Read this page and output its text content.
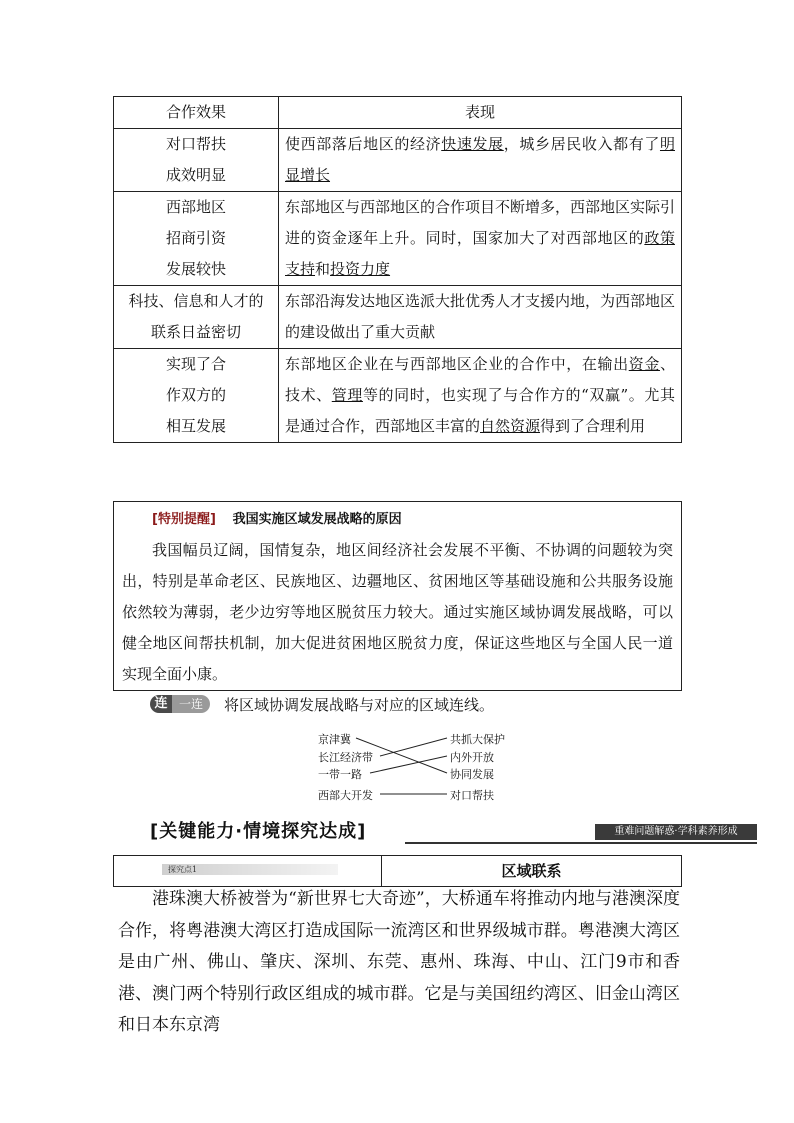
合作效果	表现

对口帮扶
成效明显	使西部落后地区的经济快速发展，城乡居民收入都有了明显增长

西部地区
招商引资
发展较快	东部地区与西部地区的合作项目不断增多，西部地区实际引进的资金逐年上升。同时，国家加大了对西部地区的政策支持和投资力度

科技、信息和人才的
联系日益密切	东部沿海发达地区选派大批优秀人才支援内地，为西部地区的建设做出了重大贡献

实现了合
作双方的
相互发展	东部地区企业在与西部地区企业的合作中，在输出资金、技术、管理等的同时，也实现了与合作方的“双赢”。尤其是通过合作，西部地区丰富的自然资源得到了合理利用
[特别提醒] 我国实施区域发展战略的原因
我国幅员辽阔，国情复杂，地区间经济社会发展不平衡、不协调的问题较为突出，特别是革命老区、民族地区、边疆地区、贫困地区等基础设施和公共服务设施依然较为薄弱，老少边穷等地区脱贫压力较大。通过实施区域协调发展战略，可以健全地区间帮扶机制，加大促进贫困地区脱贫力度，保证这些地区与全国人民一道实现全面小康。
连 一连	将区域协调发展战略与对应的区域连线。
京津冀
长江经济带
一带一路
西部大开发
共抓大保护
内外开放
协同发展
对口帮扶
[关键能力·情境探究达成]	重难问题解惑·学科素养形成
探究点1	区域联系
港珠澳大桥被誉为“新世界七大奇迹”，大桥通车将推动内地与港澳深度合作，将粤港澳大湾区打造成国际一流湾区和世界级城市群。粤港澳大湾区是由广州、佛山、肇庆、深圳、东莞、惠州、珠海、中山、江门9市和香港、澳门两个特别行政区组成的城市群。它是与美国纽约湾区、旧金山湾区和日本东京湾
